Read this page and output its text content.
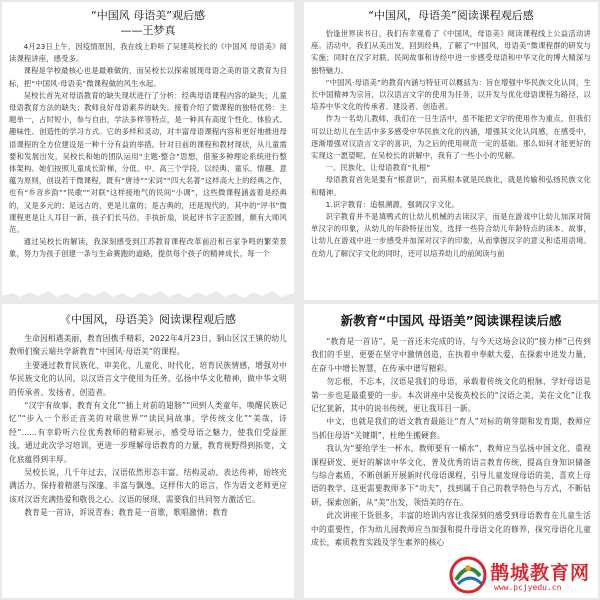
“中国风 母语美”观后感

——王梦真

4月23日上午，因疫情原因，我在线上聆听了吴建英校长的《中国风 母语美》阅读课程讲座，感受多。

课程是学校最核心也是最难做的，而吴校长以探索展现母语之美的语文教育为目标，把“中国风·母语美”微课程做的风生水起。

吴校长首先对母语教育的缺失现状进行了分析：经典母语课程内容的缺失；儿童母语教育方法的缺失；教师良好母语素养的缺失。接着介绍了微课程的独特优势：主题单一，占时短小，参与自由，学法多样等特点，是一种具有高度个性化、体验式、趣味性、创造性的学习方式。它的多样和灵动，对丰富母语课程内容和更好地推进母语课程的全方位建设是一种十分有益的举措。针对目前的课程和教材现状，从儿童需要和发展出发，吴校长和她的团队运用“主题·整合”思想，借鉴多种理论系统进行整体架构。她们按照儿童成长阶梯，分低、中、高三个学段，以经典、童乐、情趣、意蕴为原则，创设若干微课程，既有“唐诗”“宋词”“四大名著”这样高大上的经典之作，也有“乡音乡韵”“民歌”“对联”这样接地气的民间“小调”，这些微课程涵盖着是经典的，又是多元的；是远古的，更是儿童的；是古典的，还是现代的。其中的“评书”微课程更是让人耳目一新，孩子们长马仿，手执折扇，说起评书字正腔圆，颇有大师风范。

通过吴校长的解读，我深刻感受到江苏教育课程改革前沿和百家争鸣的繁荣景象，努力为孩子创建一条与生命赛跑的道路，提供每个孩子的精神成长，每一个

“中国风，母语美”阅读课程观后感

恰逢世界读书日，我们有幸观看了《中国风，母语美》阅读课程线上公益活动讲座。活动中，我们从美出发，回到经典，了解了“中国风，母语美”微课程群的研发与实施；同时在汉字对联、民间故事和诗经中进一步感受母语和中华文化的博大精深与独特魅力。

“中国风·母语美”的教育内涵与特征可以概括为：旨在增强中华民族文化认同，生长中国精神为宗旨，以汉语言文字的使用为任务，以开发与优化母语课程为路径，以培养中华文化的传承者、建设者、创造者。

作为一名幼儿教师，我们在一日生活中，虽不能把文字的使用作为重点，但我们可以让幼儿在生活中多多感受中华民族文化的内涵，增强其文化认同感，在感受中，逐渐增强对汉语言文字的喜识，为之后的使用规范一定的基础。那么如何才能更好的实现这一愿望呢，在吴校长的讲解中，我有了一些小小的见解。

一、民族化，让母语教育“扎根”

母语教育首先是要有“根意识”，而其根本就是民族化，就是传输和弘扬民族文化和精神。

1.识字教育：追根溯源，强调汉字文化。

识字教育并不是填鸭式的让幼儿机械的去读汉字，而是在游戏中让幼儿加深对简单汉字的印象，从幼儿的年龄特征出发，选择一些符合幼儿年龄特点的读本、故事，让幼儿在游戏中进一步感受并加深对汉字的印象，从而掌握汉字的意义和适用语境。在幼儿了解汉字文化的同时，还可以培养幼儿的前阅读与前

《中国风，母语美》阅读课程观后感

生命因相遇美丽，教育因携手精彩，2022年4月23日，铜山区汉王镇的幼儿教师们聚云端共学新教育“中国风·母语美”的课程。

主要通过教育民族化、审美化、儿童化、时代化，培育民族情感，增强对中华民族文化的认同，以汉语言文字使用为任务，弘扬中华文化精神，做中华文明的传承者、发扬者、创造者。

“汉字有故事，教育有文化”“插上对前的翅膀”“回到人类童年，唤醒民族记忆”“步入一个形正音美的对联世界”“读民间故事，学传统文化”“美哉，诗经”……有幸聆听六位优秀教师的精彩展示，感受母语之魅力，使我们受益匪浅，通过此次学习培训，更进一步理解母语教育的力量，教育视野得到拓宽，文化底蕴得到丰厚。

吴校长说，几千年过去，汉语依然形态丰富、结构灵动、表达传神，始终充满活力，保持着精湛与深邃、丰富与飘逸，这样伟大的语言，作为语文老师更应该对汉语充满热爱和敬畏之心。汉语的展现，需要我们共同努力激活它。

教育是一首诗，诉说青春；教育是一首歌，歌唱激情；教育

新教育“中国风 母语美”阅读课程读后感

“教育是一首诗”，是一首还未完成的诗，与今天这场会议的“接力棒”已传到我们的手里，更要在坚守中激情创造，在执着中奉献大爱，在探索中进发力量，在奋斗中增长智慧，在传承中谱写精彩。

勿忘根，不忘本，汉语是我们的母语，承载着传统文化的根脉，学好母语是第一步也是最重要的一步。本次讲座中吴俊英校长的“汉语之美，美在文化”让我记忆犹新，其中的说书传统，更让我耳目一新。

中文，也就是我们的语文教育最能让“育人”对标的萌芽期和发育期，教师应当抓住母语“关键期”，杜绝生搬硬套。

我认为“要给学生一杯水，教师要有一桶水”，教师应当弘扬中国文化、重视课程研发、更好的解读中华文化、普及优秀的语言教育传统，提高自身知识储备与综合素质，不断创新开展新时代母语课程，引导儿童发现母语的美，喜欢上母语的教学，这更需要教师多下“功夫”，找到属于自己的教学特色与方式，不断钻研，探索创新，从“美”出发，领悟美的存在。

此次讲座干货很多，丰富的培训内容让我深刻的感受到母语教育在儿童生活中的重要性，作为幼儿园教师应当加强和提升母语文化的修养，探究母语化儿童成长，素质教育实践及学生素养的核心

鹊城教育网
www.pcjyedu.cn
